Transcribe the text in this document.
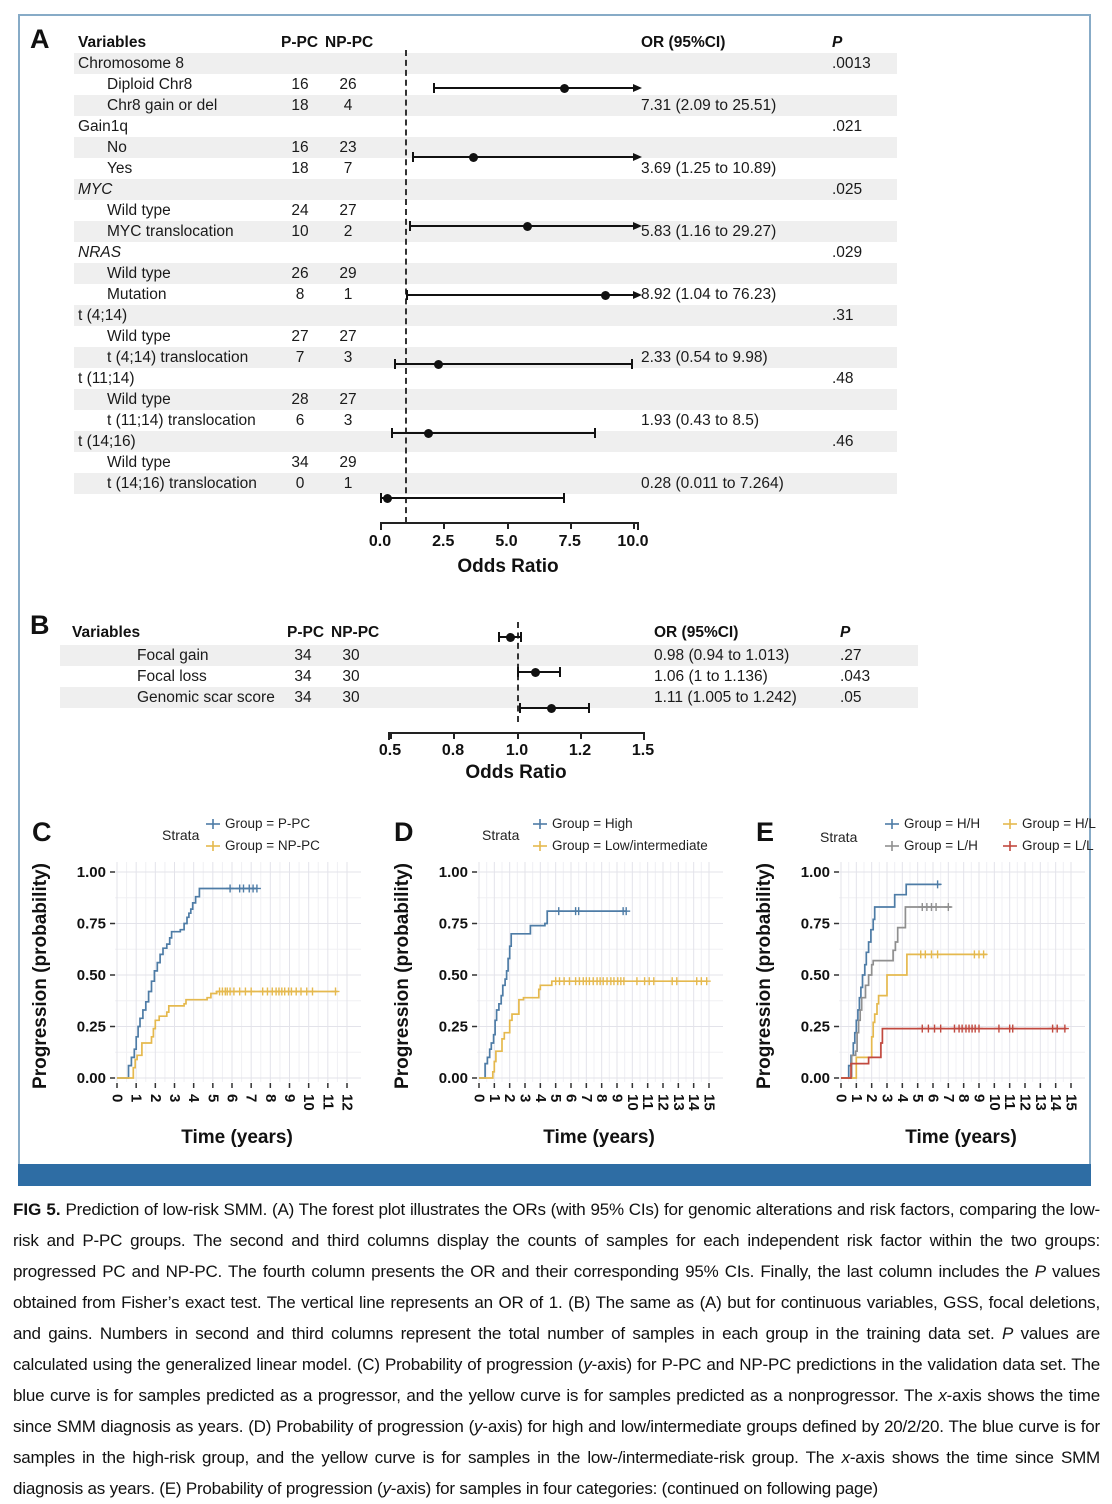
A Variables	P-PC NP-PC	OR (95%CI)	P
B Variables	P-PC NP-PC	OR (95%CI)	P
Chromosome 8	.0013
Diploid Chr8	16	26
Chr8 gain or del	18	4	7.31 (2.09 to 25.51)
Gain1q	.021
No	16	23
Yes	18	7	3.69 (1.25 to 10.89)
MYC	.025
Wild type	24	27
MYC translocation	10	2	5.83 (1.16 to 29.27)
NRAS	.029
Wild type	26	29
Mutation	8	1	8.92 (1.04 to 76.23)
t (4;14)	.31
Wild type	27	27
t (4;14) translocation	7	3	2.33 (0.54 to 9.98)
t (11;14)	.48
Wild type	28	27
t (11;14) translocation	6	3	1.93 (0.43 to 8.5)
t (14;16)	.46
Wild type	34	29
t (14;16) translocation	0	1	0.28 (0.011 to 7.264)
0.0	2.5	5.0	7.5 10.0
Odds Ratio
Focal gain	34	30	0.98 (0.94 to 1.013)	.27
Focal loss	34	30	1.06 (1 to 1.136)	.043
Genomic scar score	34	30	1.11 (1.005 to 1.242)	.05
0.5	0.8	1.0	1.2	1.5
Odds Ratio
C	Strata
Group = P-PC
Group = NP-PC
Progression (probability)
Time (years)
0.00
0.25
0.50
0.75
1.00
0 1 2 3 4 5 6 7 8 9 10 11 12
D	Strata
Group = High
Group = Low/intermediate
Progression (probability)
Time (years)
0.00
0.25
0.50
0.75
1.00
0
1
2
3
4
5
6
7
8
9
10
11
12
13
14
15
E	Strata
Group = H/H
Group = L/H
Group = H/L
Group = L/L
Progression (probability)
Time (years)
0.00
0.25
0.50
0.75
1.00
0
1
2
3
4
5
6
7
8
9
10
11
12
13
14
15
FIG 5. Prediction of low-risk SMM. (A) The forest plot illustrates the ORs (with 95% CIs) for genomic alterations and risk factors, comparing the low-risk and P-PC groups. The second and third columns display the counts of samples for each independent risk factor within the two groups: progressed PC and NP-PC. The fourth column presents the OR and their corresponding 95% CIs. Finally, the last column includes the P values obtained from Fisher’s exact test. The vertical line represents an OR of 1. (B) The same as (A) but for continuous variables, GSS, focal deletions, and gains. Numbers in second and third columns represent the total number of samples in each group in the training data set. P values are calculated using the generalized linear model. (C) Probability of progression (y-axis) for P-PC and NP-PC predictions in the validation data set. The blue curve is for samples predicted as a progressor, and the yellow curve is for samples predicted as a nonprogressor. The x-axis shows the time since SMM diagnosis as years. (D) Probability of progression (y-axis) for high and low/intermediate groups defined by 20/2/20. The blue curve is for samples in the high-risk group, and the yellow curve is for samples in the low-/intermediate-risk group. The x-axis shows the time since SMM diagnosis as years. (E) Probability of progression (y-axis) for samples in four categories: (continued on following page)
